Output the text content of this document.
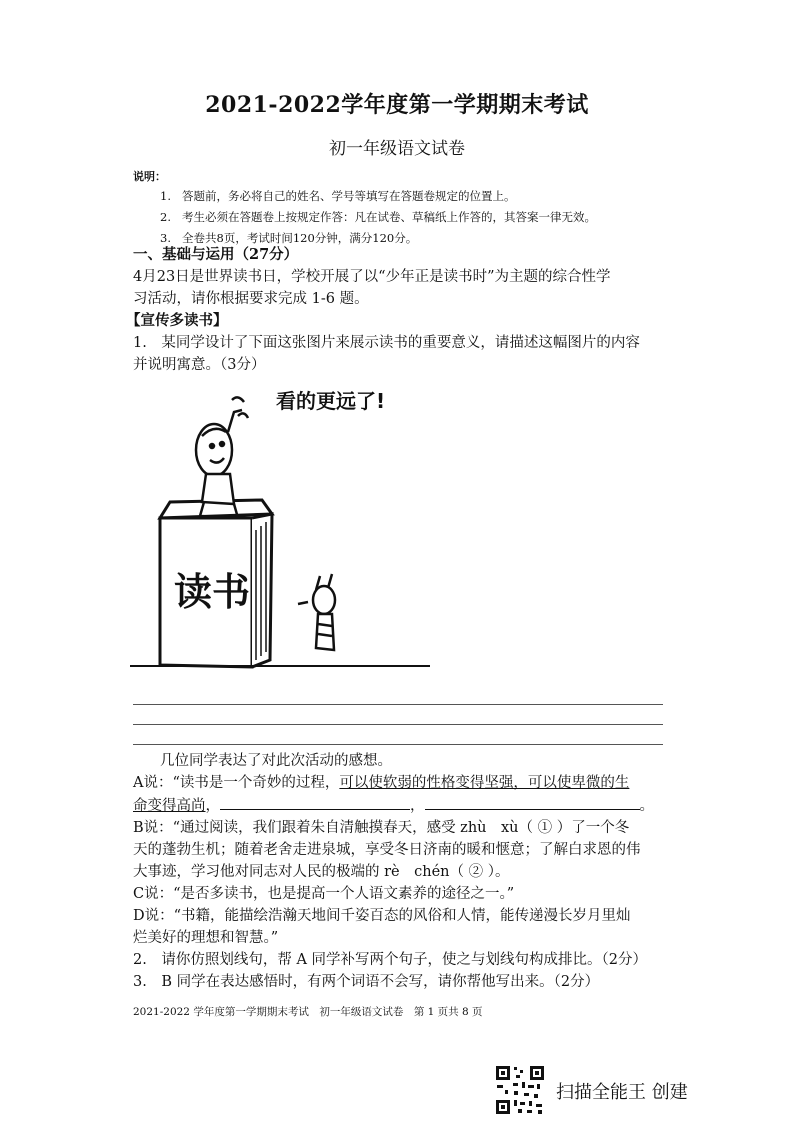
2021-2022学年度第一学期期末考试
初一年级语文试卷
说明：
1. 答题前，务必将自己的姓名、学号等填写在答题卷规定的位置上。
2. 考生必须在答题卷上按规定作答：凡在试卷、草稿纸上作答的，其答案一律无效。
3. 全卷共8页，考试时间120分钟，满分120分。
一、基础与运用（27分）
4月23日是世界读书日，学校开展了以“少年正是读书时”为主题的综合性学
习活动，请你根据要求完成 1-6 题。
【宣传多读书】
1.　某同学设计了下面这张图片来展示读书的重要意义，请描述这幅图片的内容
并说明寓意。（3分）
看的更远了!
读书
几位同学表达了对此次活动的感想。
A说：“读书是一个奇妙的过程，可以使软弱的性格变得坚强，可以使卑微的生
命变得高尚，	，	。
B说：“通过阅读，我们跟着朱自清触摸春天，感受 zhù　xù（ ① ）了一个冬
天的蓬勃生机；随着老舍走进泉城，享受冬日济南的暖和惬意；了解白求恩的伟
大事迹，学习他对同志对人民的极端的 rè　chén（ ② ）。
C说：“是否多读书，也是提高一个人语文素养的途径之一。”
D说：“书籍，能描绘浩瀚天地间千姿百态的风俗和人情，能传递漫长岁月里灿
烂美好的理想和智慧。”
2.　请你仿照划线句，帮 A 同学补写两个句子，使之与划线句构成排比。（2分）
3.　B 同学在表达感悟时，有两个词语不会写，请你帮他写出来。（2分）
2021-2022 学年度第一学期期末考试　初一年级语文试卷　第 1 页共 8 页
扫描全能王 创建
